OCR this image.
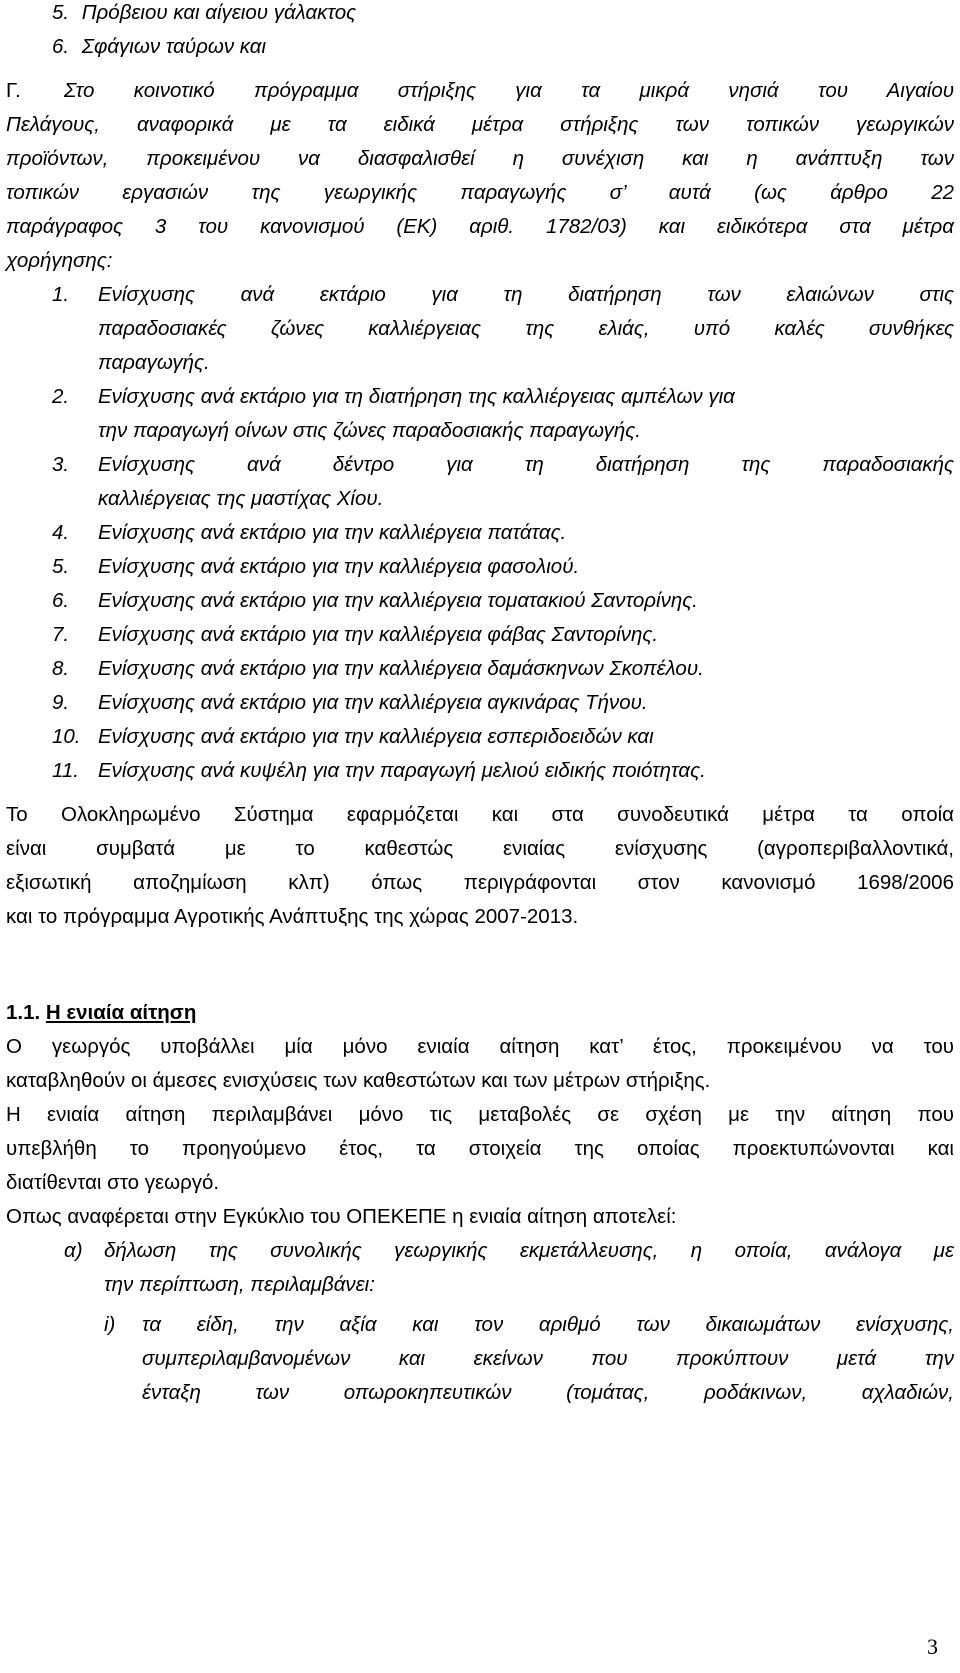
5. Πρόβειου και αίγειου γάλακτος
6. Σφάγιων ταύρων και
Γ. Στο κοινοτικό πρόγραμμα στήριξης για τα μικρά νησιά του Αιγαίου
Πελάγους, αναφορικά με τα ειδικά μέτρα στήριξης των τοπικών γεωργικών
προϊόντων, προκειμένου να διασφαλισθεί η συνέχιση και η ανάπτυξη των
τοπικών εργασιών της γεωργικής παραγωγής σ’ αυτά (ως άρθρο 22
παράγραφος 3 του κανονισμού (ΕΚ) αριθ. 1782/03) και ειδικότερα στα μέτρα
χορήγησης:
1. Ενίσχυσης ανά εκτάριο για τη διατήρηση των ελαιώνων στις
παραδοσιακές ζώνες καλλιέργειας της ελιάς, υπό καλές συνθήκες
παραγωγής.
2. Ενίσχυσης ανά εκτάριο για τη διατήρηση της καλλιέργειας αμπέλων για
την παραγωγή οίνων στις ζώνες παραδοσιακής παραγωγής.
3. Ενίσχυσης ανά δέντρο για τη διατήρηση της παραδοσιακής
καλλιέργειας της μαστίχας Χίου.
4. Ενίσχυσης ανά εκτάριο για την καλλιέργεια πατάτας.
5. Ενίσχυσης ανά εκτάριο για την καλλιέργεια φασολιού.
6. Ενίσχυσης ανά εκτάριο για την καλλιέργεια τοματακιού Σαντορίνης.
7. Ενίσχυσης ανά εκτάριο για την καλλιέργεια φάβας Σαντορίνης.
8. Ενίσχυσης ανά εκτάριο για την καλλιέργεια δαμάσκηνων Σκοπέλου.
9. Ενίσχυσης ανά εκτάριο για την καλλιέργεια αγκινάρας Τήνου.
10. Ενίσχυσης ανά εκτάριο για την καλλιέργεια εσπεριδοειδών και
11. Ενίσχυσης ανά κυψέλη για την παραγωγή μελιού ειδικής ποιότητας.
Το Ολοκληρωμένο Σύστημα εφαρμόζεται και στα συνοδευτικά μέτρα τα οποία
είναι συμβατά με το καθεστώς ενιαίας ενίσχυσης (αγροπεριβαλλοντικά,
εξισωτική αποζημίωση κλπ) όπως περιγράφονται στον κανονισμό 1698/2006
και το πρόγραμμα Αγροτικής Ανάπτυξης της χώρας 2007-2013.
1.1. Η ενιαία αίτηση
Ο γεωργός υποβάλλει μία μόνο ενιαία αίτηση κατ’ έτος, προκειμένου να του
καταβληθούν οι άμεσες ενισχύσεις των καθεστώτων και των μέτρων στήριξης.
Η ενιαία αίτηση περιλαμβάνει μόνο τις μεταβολές σε σχέση με την αίτηση που
υπεβλήθη το προηγούμενο έτος, τα στοιχεία της οποίας προεκτυπώνονται και
διατίθενται στο γεωργό.
Οπως αναφέρεται στην Εγκύκλιο του ΟΠΕΚΕΠΕ η ενιαία αίτηση αποτελεί:
α) δήλωση της συνολικής γεωργικής εκμετάλλευσης, η οποία, ανάλογα με
την περίπτωση, περιλαμβάνει:
i) τα είδη, την αξία και τον αριθμό των δικαιωμάτων ενίσχυσης,
συμπεριλαμβανομένων και εκείνων που προκύπτουν μετά την
ένταξη των οπωροκηπευτικών (τομάτας, ροδάκινων, αχλαδιών,
3
